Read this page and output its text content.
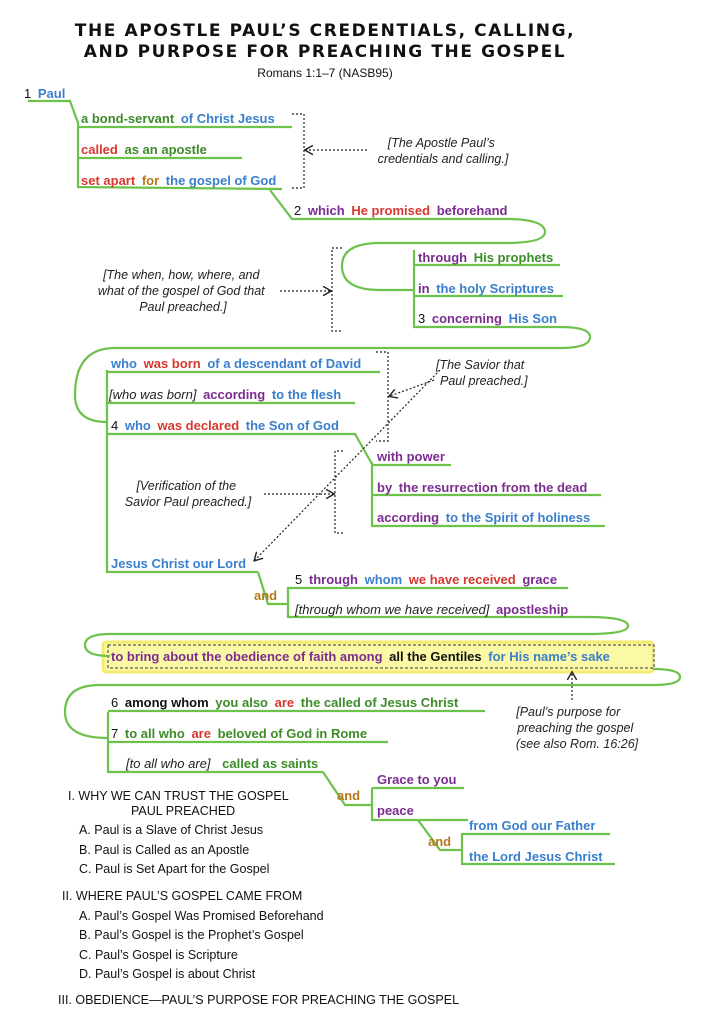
THE APOSTLE PAUL’S CREDENTIALS, CALLING,
AND PURPOSE FOR PREACHING THE GOSPEL
Romans 1:1–7 (NASB95)
1 Paul
a bond-servant of Christ Jesus
called as an apostle
set apart for the gospel of God
2 which He promised beforehand
through His prophets
in the holy Scriptures
3 concerning His Son
who was born of a descendant of David
[who was born] according to the flesh
4 who was declared the Son of God
with power
by the resurrection from the dead
according to the Spirit of holiness
Jesus Christ our Lord
and
5 through whom we have received grace
[through whom we have received] apostleship
to bring about the obedience of faith among all the Gentiles for His name’s sake
6 among whom you also are the called of Jesus Christ
7 to all who are beloved of God in Rome
[to all who are] called as saints
and
Grace to you
peace
and
from God our Father
the Lord Jesus Christ
[The Apostle Paul’s credentials and calling.]
[The when, how, where, and what of the gospel of God that Paul preached.]
[The Savior that Paul preached.]
[Verification of the Savior Paul preached.]
[Paul’s purpose for preaching the gospel (see also Rom. 16:26]
I. WHY WE CAN TRUST THE GOSPEL
PAUL PREACHED
A. Paul is a Slave of Christ Jesus
B. Paul is Called as an Apostle
C. Paul is Set Apart for the Gospel
II. WHERE PAUL’S GOSPEL CAME FROM
A. Paul’s Gospel Was Promised Beforehand
B. Paul’s Gospel is the Prophet’s Gospel
C. Paul’s Gospel is Scripture
D. Paul’s Gospel is about Christ
III. OBEDIENCE—PAUL’S PURPOSE FOR PREACHING THE GOSPEL
